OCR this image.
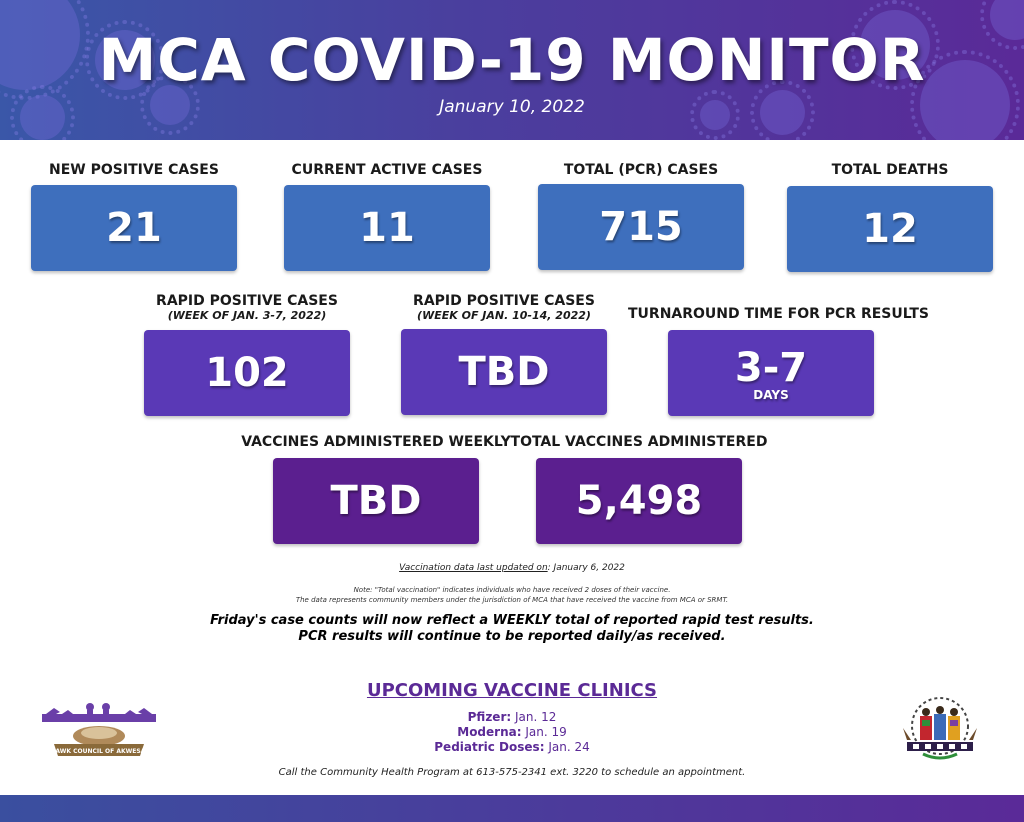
MCA COVID-19 MONITOR
January 10, 2022
NEW POSITIVE CASES
21
CURRENT ACTIVE CASES
11
TOTAL (PCR) CASES
715
TOTAL DEATHS
12
RAPID POSITIVE CASES
(WEEK OF JAN. 3-7, 2022)
102
RAPID POSITIVE CASES
(WEEK OF JAN. 10-14, 2022)
TBD
TURNAROUND TIME FOR PCR RESULTS
3-7
DAYS
VACCINES ADMINISTERED WEEKLY
TBD
TOTAL VACCINES ADMINISTERED
5,498
Vaccination data last updated on: January 6, 2022
Note: "Total vaccination" indicates individuals who have received 2 doses of their vaccine.
The data represents community members under the jurisdiction of MCA that have received the vaccine from MCA or SRMT.
Friday's case counts will now reflect a WEEKLY total of reported rapid test results.
PCR results will continue to be reported daily/as received.
UPCOMING VACCINE CLINICS
Pfizer: Jan. 12
Moderna: Jan. 19
Pediatric Doses: Jan. 24
Call the Community Health Program at 613-575-2341 ext. 3220 to schedule an appointment.
MOHAWK COUNCIL OF AKWESASNE
